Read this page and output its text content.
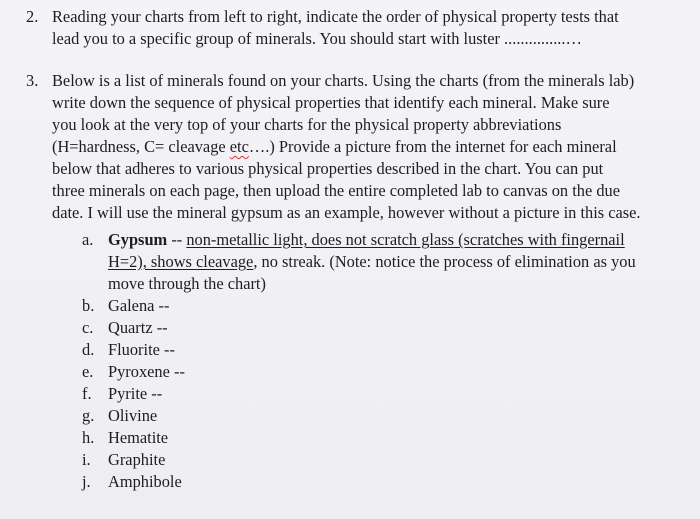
2. Reading your charts from left to right, indicate the order of physical property tests that
lead you to a specific group of minerals. You should start with luster ...............…
3. Below is a list of minerals found on your charts. Using the charts (from the minerals lab)
write down the sequence of physical properties that identify each mineral. Make sure
you look at the very top of your charts for the physical property abbreviations
(H=hardness, C= cleavage etc….) Provide a picture from the internet for each mineral
below that adheres to various physical properties described in the chart. You can put
three minerals on each page, then upload the entire completed lab to canvas on the due
date. I will use the mineral gypsum as an example, however without a picture in this case.
a. Gypsum -- non-metallic light, does not scratch glass (scratches with fingernail
H=2), shows cleavage, no streak. (Note: notice the process of elimination as you
move through the chart)
b. Galena --
c. Quartz --
d. Fluorite --
e. Pyroxene --
f.	Pyrite --
g. Olivine
h. Hematite
i.	Graphite
j.	Amphibole
